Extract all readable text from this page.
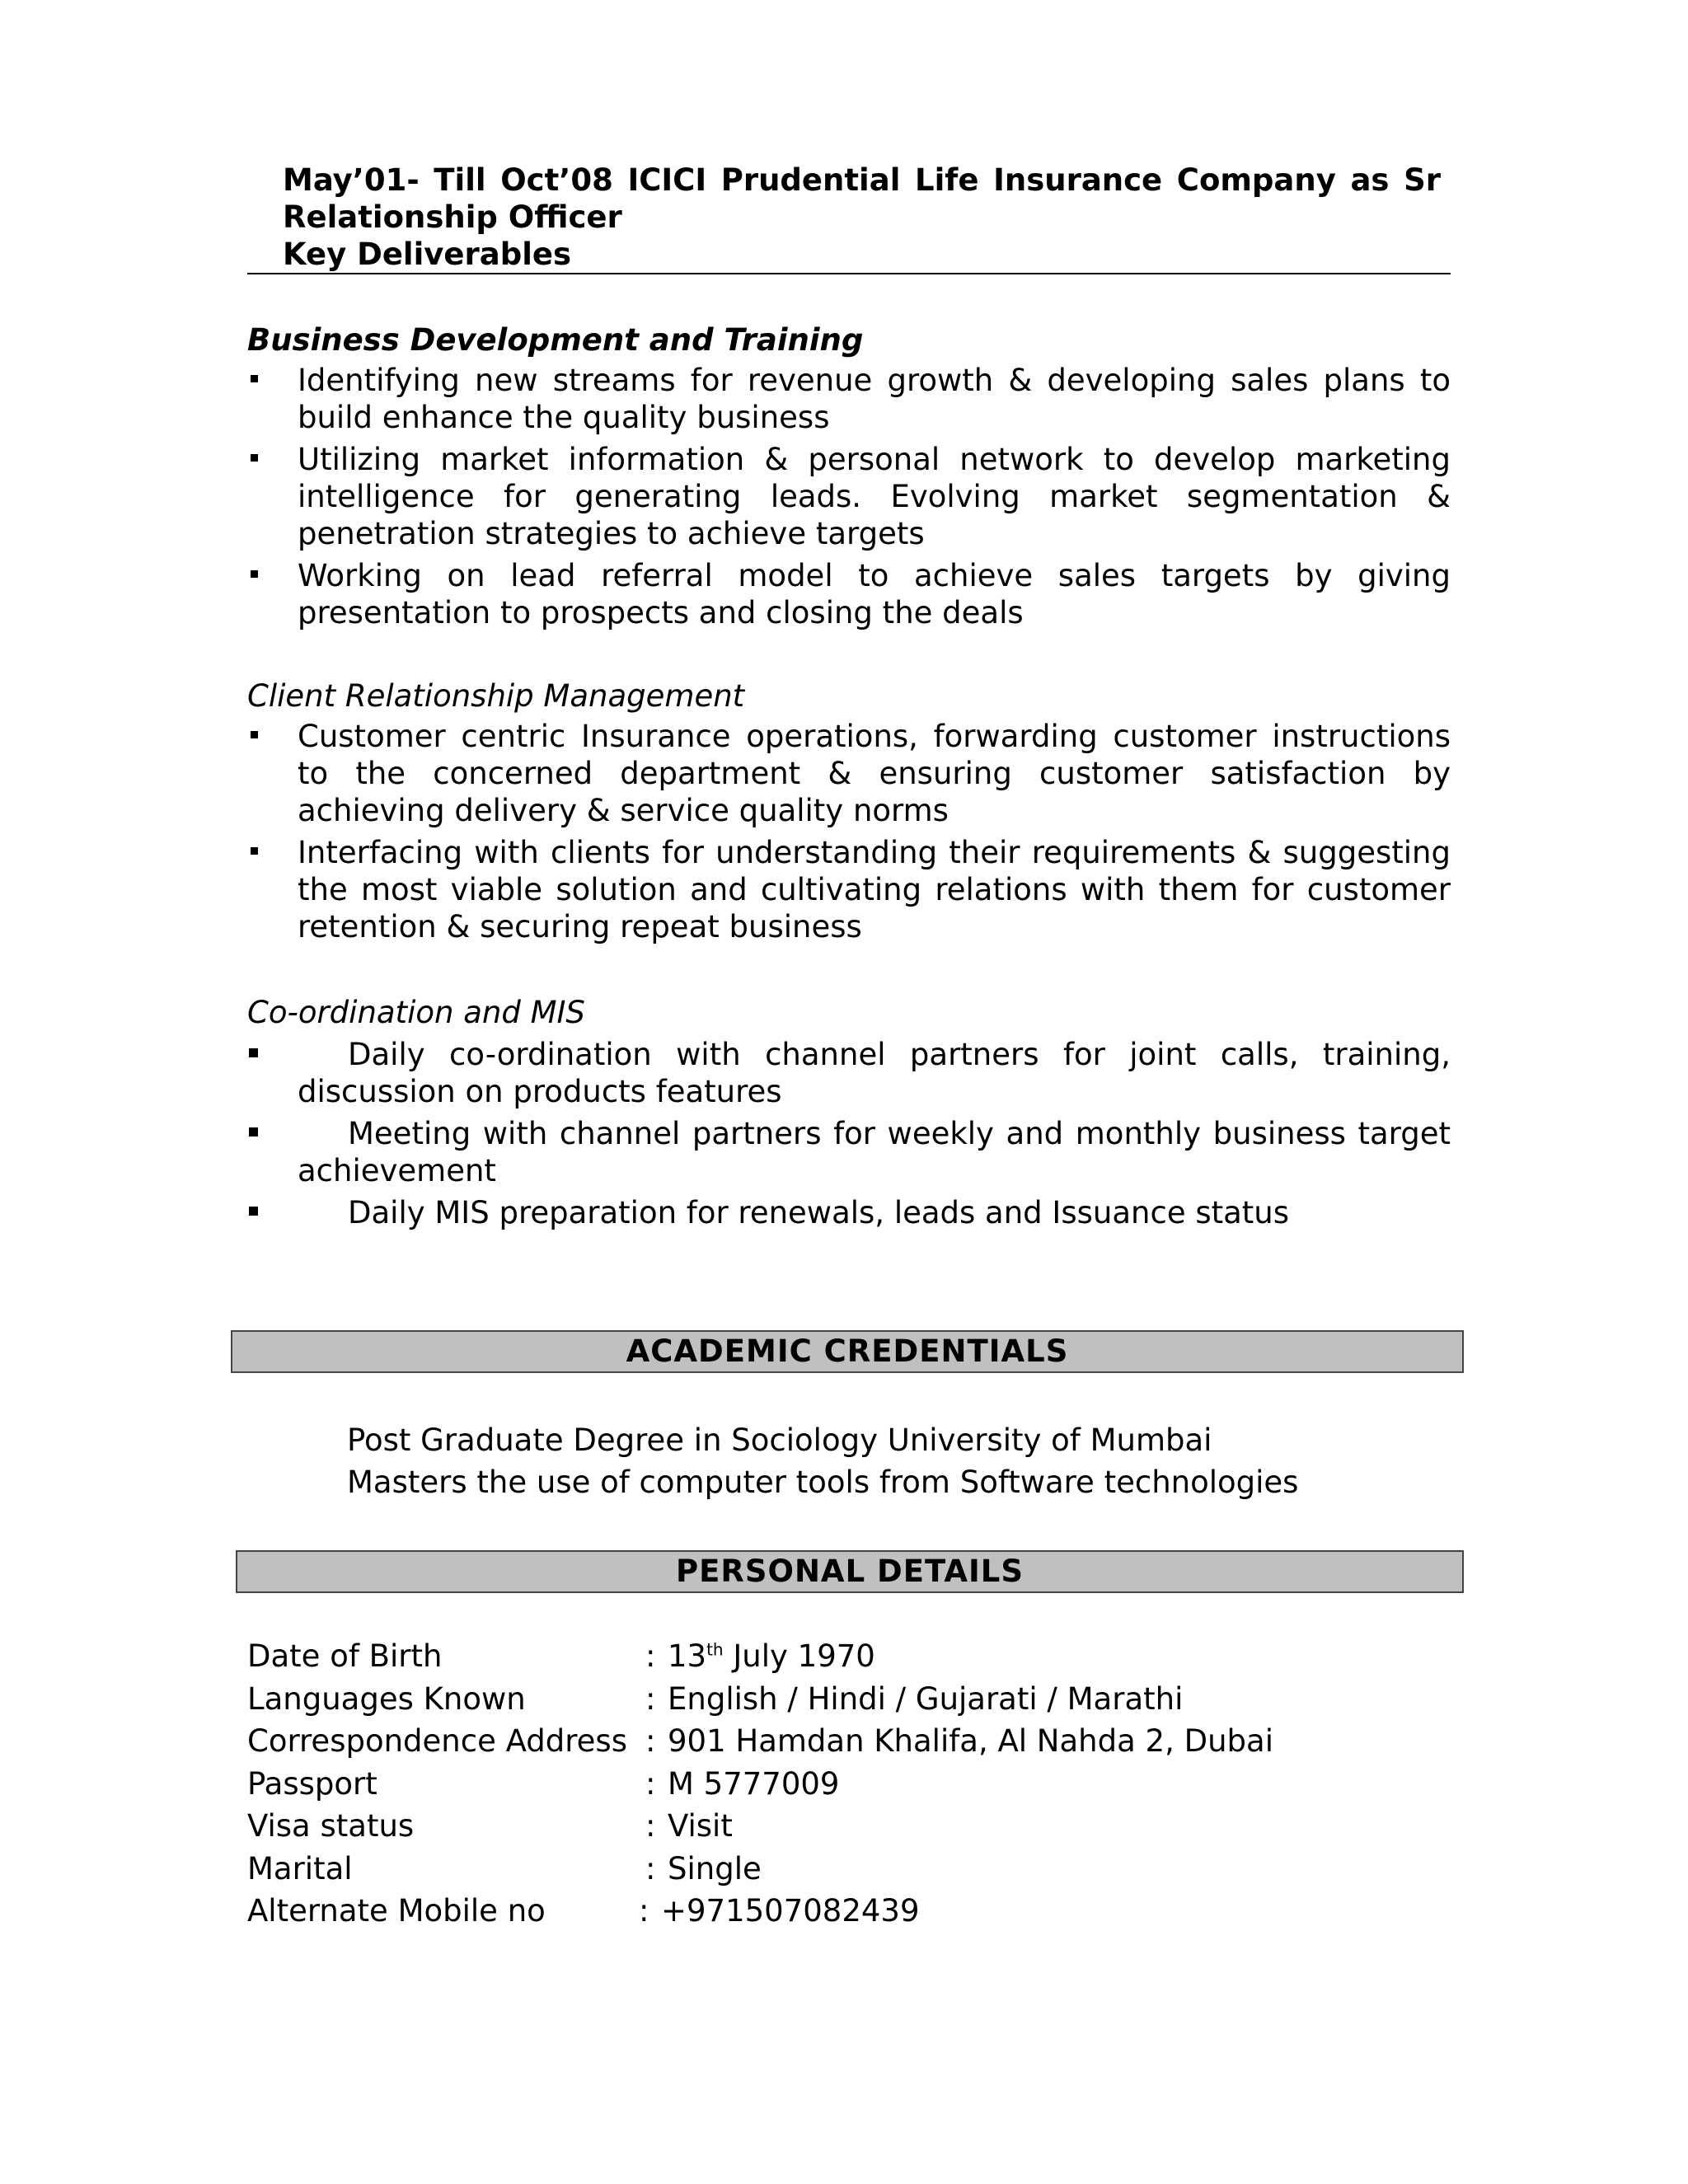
May’01- Till Oct’08 ICICI Prudential Life Insurance Company as Sr
Relationship Officer
Key Deliverables

Business Development and Training

Identifying new streams for revenue growth & developing sales plans to build enhance the quality business
Utilizing market information & personal network to develop marketing intelligence for generating leads. Evolving market segmentation & penetration strategies to achieve targets
Working on lead referral model to achieve sales targets by giving presentation to prospects and closing the deals

Client Relationship Management

Customer centric Insurance operations, forwarding customer instructions to the concerned department & ensuring customer satisfaction by achieving delivery & service quality norms
Interfacing with clients for understanding their requirements & suggesting the most viable solution and cultivating relations with them for customer retention & securing repeat business

Co-ordination and MIS

Daily co-ordination with channel partners for joint calls, training, discussion on products features
Meeting with channel partners for weekly and monthly business target achievement
Daily MIS preparation for renewals, leads and Issuance status
ACADEMIC CREDENTIALS
Post Graduate Degree in Sociology University of Mumbai
Masters the use of computer tools from Software technologies
PERSONAL DETAILS
Date of Birth	: 13th July 1970
Languages Known	: English / Hindi / Gujarati / Marathi
Correspondence Address : 901 Hamdan Khalifa, Al Nahda 2, Dubai
Passport	: M 5777009
Visa status	: Visit
Marital	: Single
Alternate Mobile no	: +971507082439
